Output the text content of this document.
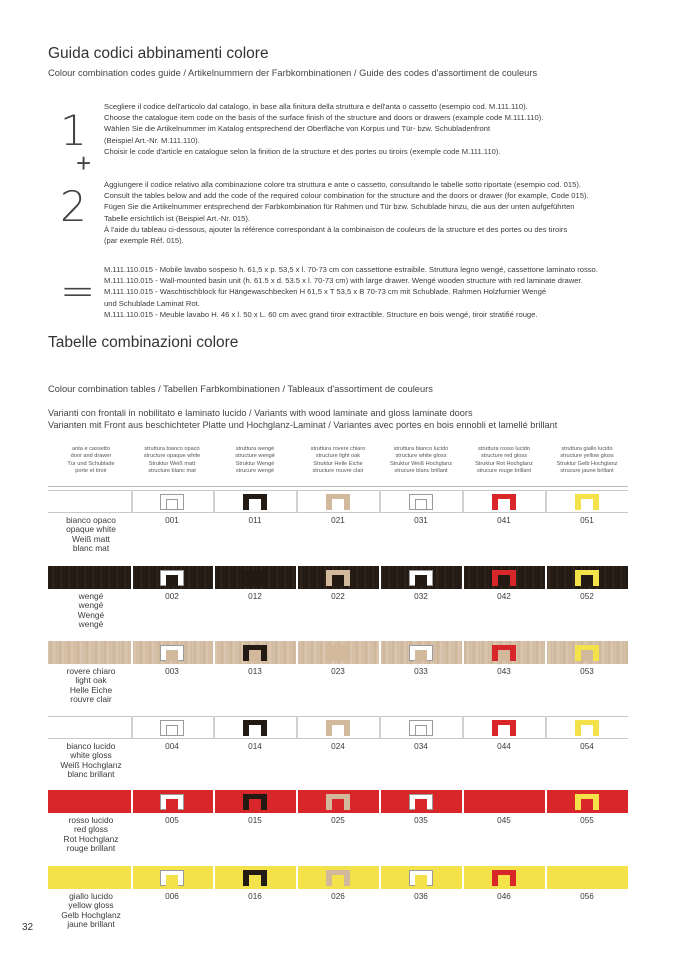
Guida codici abbinamenti colore
Colour combination codes guide / Artikelnummern der Farbkombinationen / Guide des codes d'assortiment de couleurs
1
+
2
=

Scegliere il codice dell'articolo dal catalogo, in base alla finitura della struttura e dell'anta o cassetto (esempio cod. M.111.110).

Choose the catalogue item code on the basis of the surface finish of the structure and doors or drawers (example code M.111.110).

Wählen Sie die Artikelnummer im Katalog entsprechend der Oberfläche von Korpus und Tür- bzw. Schubladenfront

(Beispiel Art.-Nr. M.111.110).

Choisir le code d'article en catalogue selon la finition de la structure et des portes ou tiroirs (exemple code M.111.110).

Aggiungere il codice relativo alla combinazione colore tra struttura e ante o cassetto, consultando le tabelle sotto riportate (esempio cod. 015).

Consult the tables below and add the code of the required colour combination for the structure and the doors or drawer (for example, Code 015).

Fügen Sie die Artikelnummer entsprechend der Farbkombination für Rahmen und Tür bzw. Schublade hinzu, die aus der unten aufgeführten

Tabelle ersichtlich ist (Beispiel Art.-Nr. 015).

À l'aide du tableau ci-dessous, ajouter la référence correspondant à la combinaison de couleurs de la structure et des portes ou des tiroirs

(par exemple Réf. 015).

M.111.110.015 - Mobile lavabo sospeso h. 61,5 x p. 53,5 x l. 70-73 cm con cassettone estraibile. Struttura legno wengé, cassettone laminato rosso.

M.111.110.015 - Wall-mounted basin unit (h. 61.5 x d. 53.5 x l. 70-73 cm) with large drawer. Wengé wooden structure with red laminate drawer.

M.111.110.015 - Waschtischblock für Hängewaschbecken H 61,5 x T 53,5 x B 70-73 cm mit Schublade. Rahmen Holzfurnier Wengé

und Schublade Laminat Rot.

M.111.110.015 - Meuble lavabo H. 46 x l. 50 x L. 60 cm avec grand tiroir extractible. Structure en bois wengé, tiroir stratifié rouge.

Tabelle combinazioni colore
Colour combination tables / Tabellen Farbkombinationen / Tableaux d'assortiment de couleurs
Varianti con frontali in nobilitato e laminato lucido / Variants with wood laminate and gloss laminate doors
Varianten mit Front aus beschichteter Platte und Hochglanz-Laminat / Variantes avec portes en bois ennobli et lamellé brillant
anta e cassetto
door and drawer
Tür und Schublade
porte et tiroir
struttura bianco opaco
structure opaque white
Struktur Weiß matt
structure blanc mat
struttura wengé
structure wengé
Struktur Wengé
strucure wengé
struttura rovere chiaro
structure light oak
Struktur Helle Eiche
structure rouvre clair
struttura bianco lucido
structure white gloss
Struktur Weiß Hochglanz
strucure blanc brillant
struttura rosso lucido
structure red gloss
Struktur Rot Hochglanz
strucure rouge brillant
struttura giallo lucido
structure yellow gloss
Struktur Gelb Hochglanz
strucure jaune brillant
bianco opaco
opaque white
Weiß matt
blanc mat
001	011	021	031	041	051
wengé
wengé
Wengé
wengé
002	012	022	032	042	052
rovere chiaro
light oak
Helle Eiche
rouvre clair
003	013	023	033	043	053
bianco lucido
white gloss
Weiß Hochglanz
blanc brillant
004	014	024	034	044	054
rosso lucido
red gloss
Rot Hochglanz
rouge brillant
005	015	025	035	045	055
giallo lucido
yellow gloss
Gelb Hochglanz
jaune brillant
006	016	026	036	046	056
32
